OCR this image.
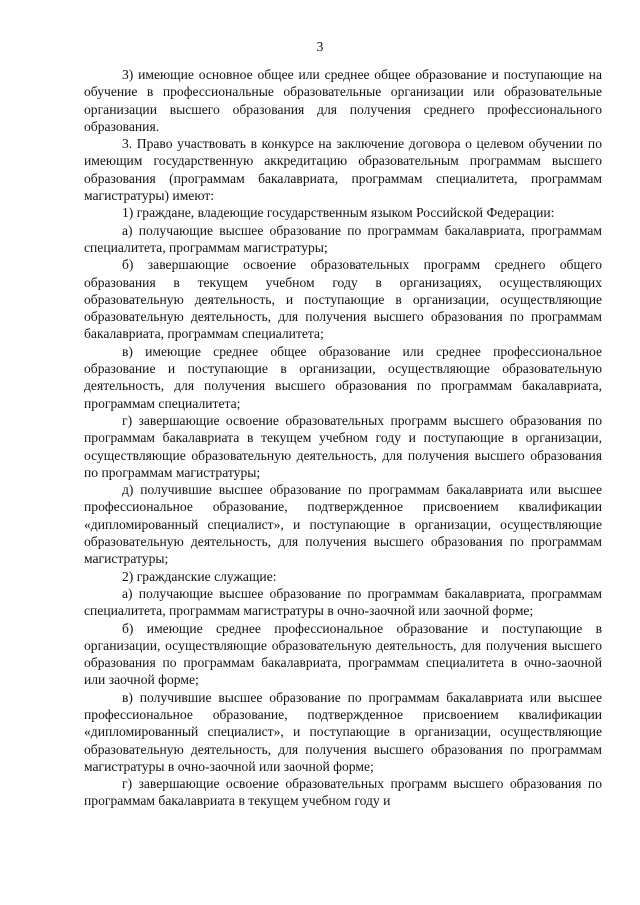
3

3) имеющие основное общее или среднее общее образование и поступающие на обучение в профессиональные образовательные организации или образовательные организации высшего образования для получения среднего профессионального образования.

3. Право участвовать в конкурсе на заключение договора о целевом обучении по имеющим государственную аккредитацию образовательным программам высшего образования (программам бакалавриата, программам специалитета, программам магистратуры) имеют:

1) граждане, владеющие государственным языком Российской Федерации:

а) получающие высшее образование по программам бакалавриата, программам специалитета, программам магистратуры;

б) завершающие освоение образовательных программ среднего общего образования в текущем учебном году в организациях, осуществляющих образовательную деятельность, и поступающие в организации, осуществляющие образовательную деятельность, для получения высшего образования по программам бакалавриата, программам специалитета;

в) имеющие среднее общее образование или среднее профессиональное образование и поступающие в организации, осуществляющие образовательную деятельность, для получения высшего образования по программам бакалавриата, программам специалитета;

г) завершающие освоение образовательных программ высшего образования по программам бакалавриата в текущем учебном году и поступающие в организации, осуществляющие образовательную деятельность, для получения высшего образования по программам магистратуры;

д) получившие высшее образование по программам бакалавриата или высшее профессиональное образование, подтвержденное присвоением квалификации «дипломированный специалист», и поступающие в организации, осуществляющие образовательную деятельность, для получения высшего образования по программам магистратуры;

2) гражданские служащие:

а) получающие высшее образование по программам бакалавриата, программам специалитета, программам магистратуры в очно-заочной или заочной форме;

б) имеющие среднее профессиональное образование и поступающие в организации, осуществляющие образовательную деятельность, для получения высшего образования по программам бакалавриата, программам специалитета в очно-заочной или заочной форме;

в) получившие высшее образование по программам бакалавриата или высшее профессиональное образование, подтвержденное присвоением квалификации «дипломированный специалист», и поступающие в организации, осуществляющие образовательную деятельность, для получения высшего образования по программам магистратуры в очно-заочной или заочной форме;

г) завершающие освоение образовательных программ высшего образования по программам бакалавриата в текущем учебном году и
